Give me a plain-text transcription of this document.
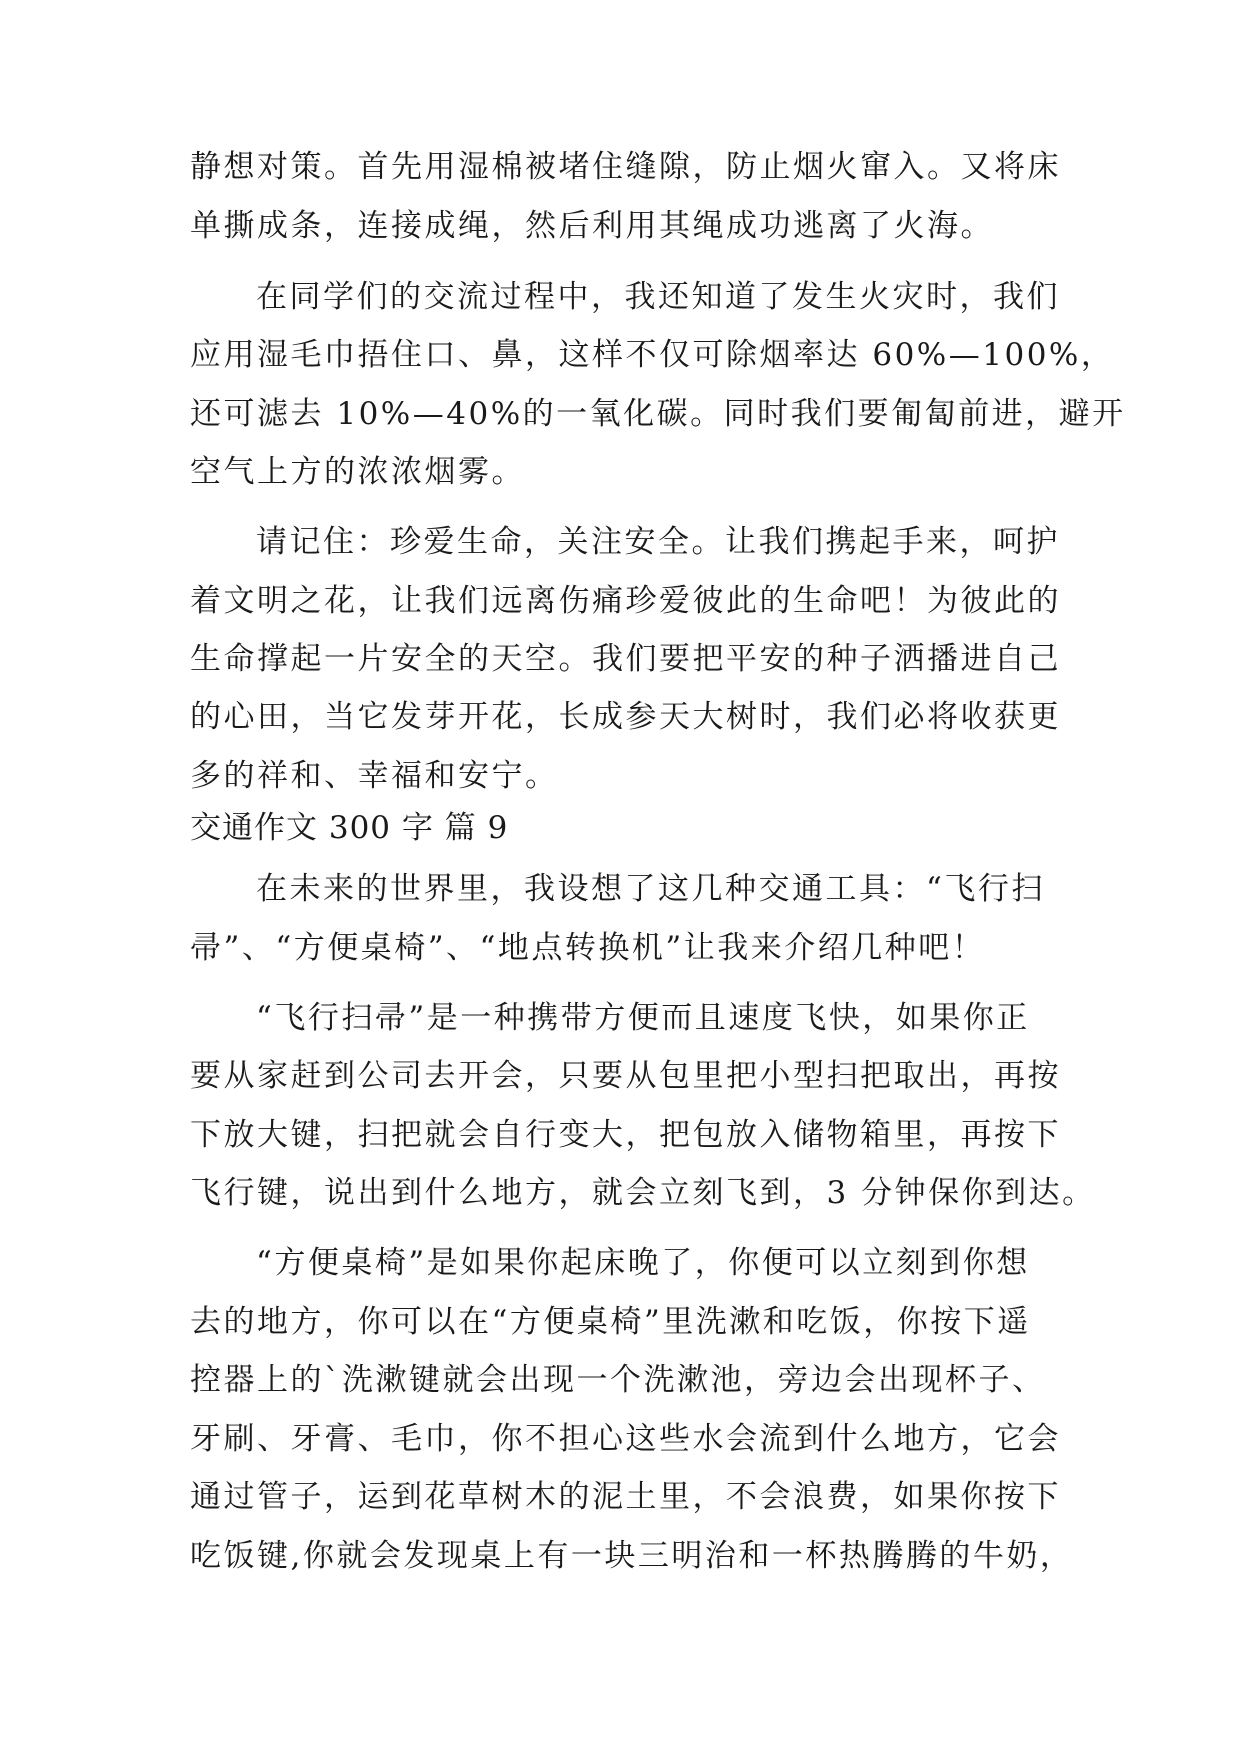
静想对策。首先用湿棉被堵住缝隙，防止烟火窜入。又将床
单撕成条，连接成绳，然后利用其绳成功逃离了火海。
在同学们的交流过程中，我还知道了发生火灾时，我们
应用湿毛巾捂住口、鼻，这样不仅可除烟率达 60%—100%，
还可滤去 10%—40%的一氧化碳。同时我们要匍匐前进，避开
空气上方的浓浓烟雾。
请记住：珍爱生命，关注安全。让我们携起手来，呵护
着文明之花，让我们远离伤痛珍爱彼此的生命吧！为彼此的
生命撑起一片安全的天空。我们要把平安的种子洒播进自己
的心田，当它发芽开花，长成参天大树时，我们必将收获更
多的祥和、幸福和安宁。
交通作文 300 字 篇 9
在未来的世界里，我设想了这几种交通工具：“飞行扫
帚”、“方便桌椅”、“地点转换机”让我来介绍几种吧！
“飞行扫帚”是一种携带方便而且速度飞快，如果你正
要从家赶到公司去开会，只要从包里把小型扫把取出，再按
下放大键，扫把就会自行变大，把包放入储物箱里，再按下
飞行键，说出到什么地方，就会立刻飞到，3 分钟保你到达。
“方便桌椅”是如果你起床晚了，你便可以立刻到你想
去的地方，你可以在“方便桌椅”里洗漱和吃饭，你按下遥
控器上的`洗漱键就会出现一个洗漱池，旁边会出现杯子、
牙刷、牙膏、毛巾，你不担心这些水会流到什么地方，它会
通过管子，运到花草树木的泥土里，不会浪费，如果你按下
吃饭键,你就会发现桌上有一块三明治和一杯热腾腾的牛奶，
